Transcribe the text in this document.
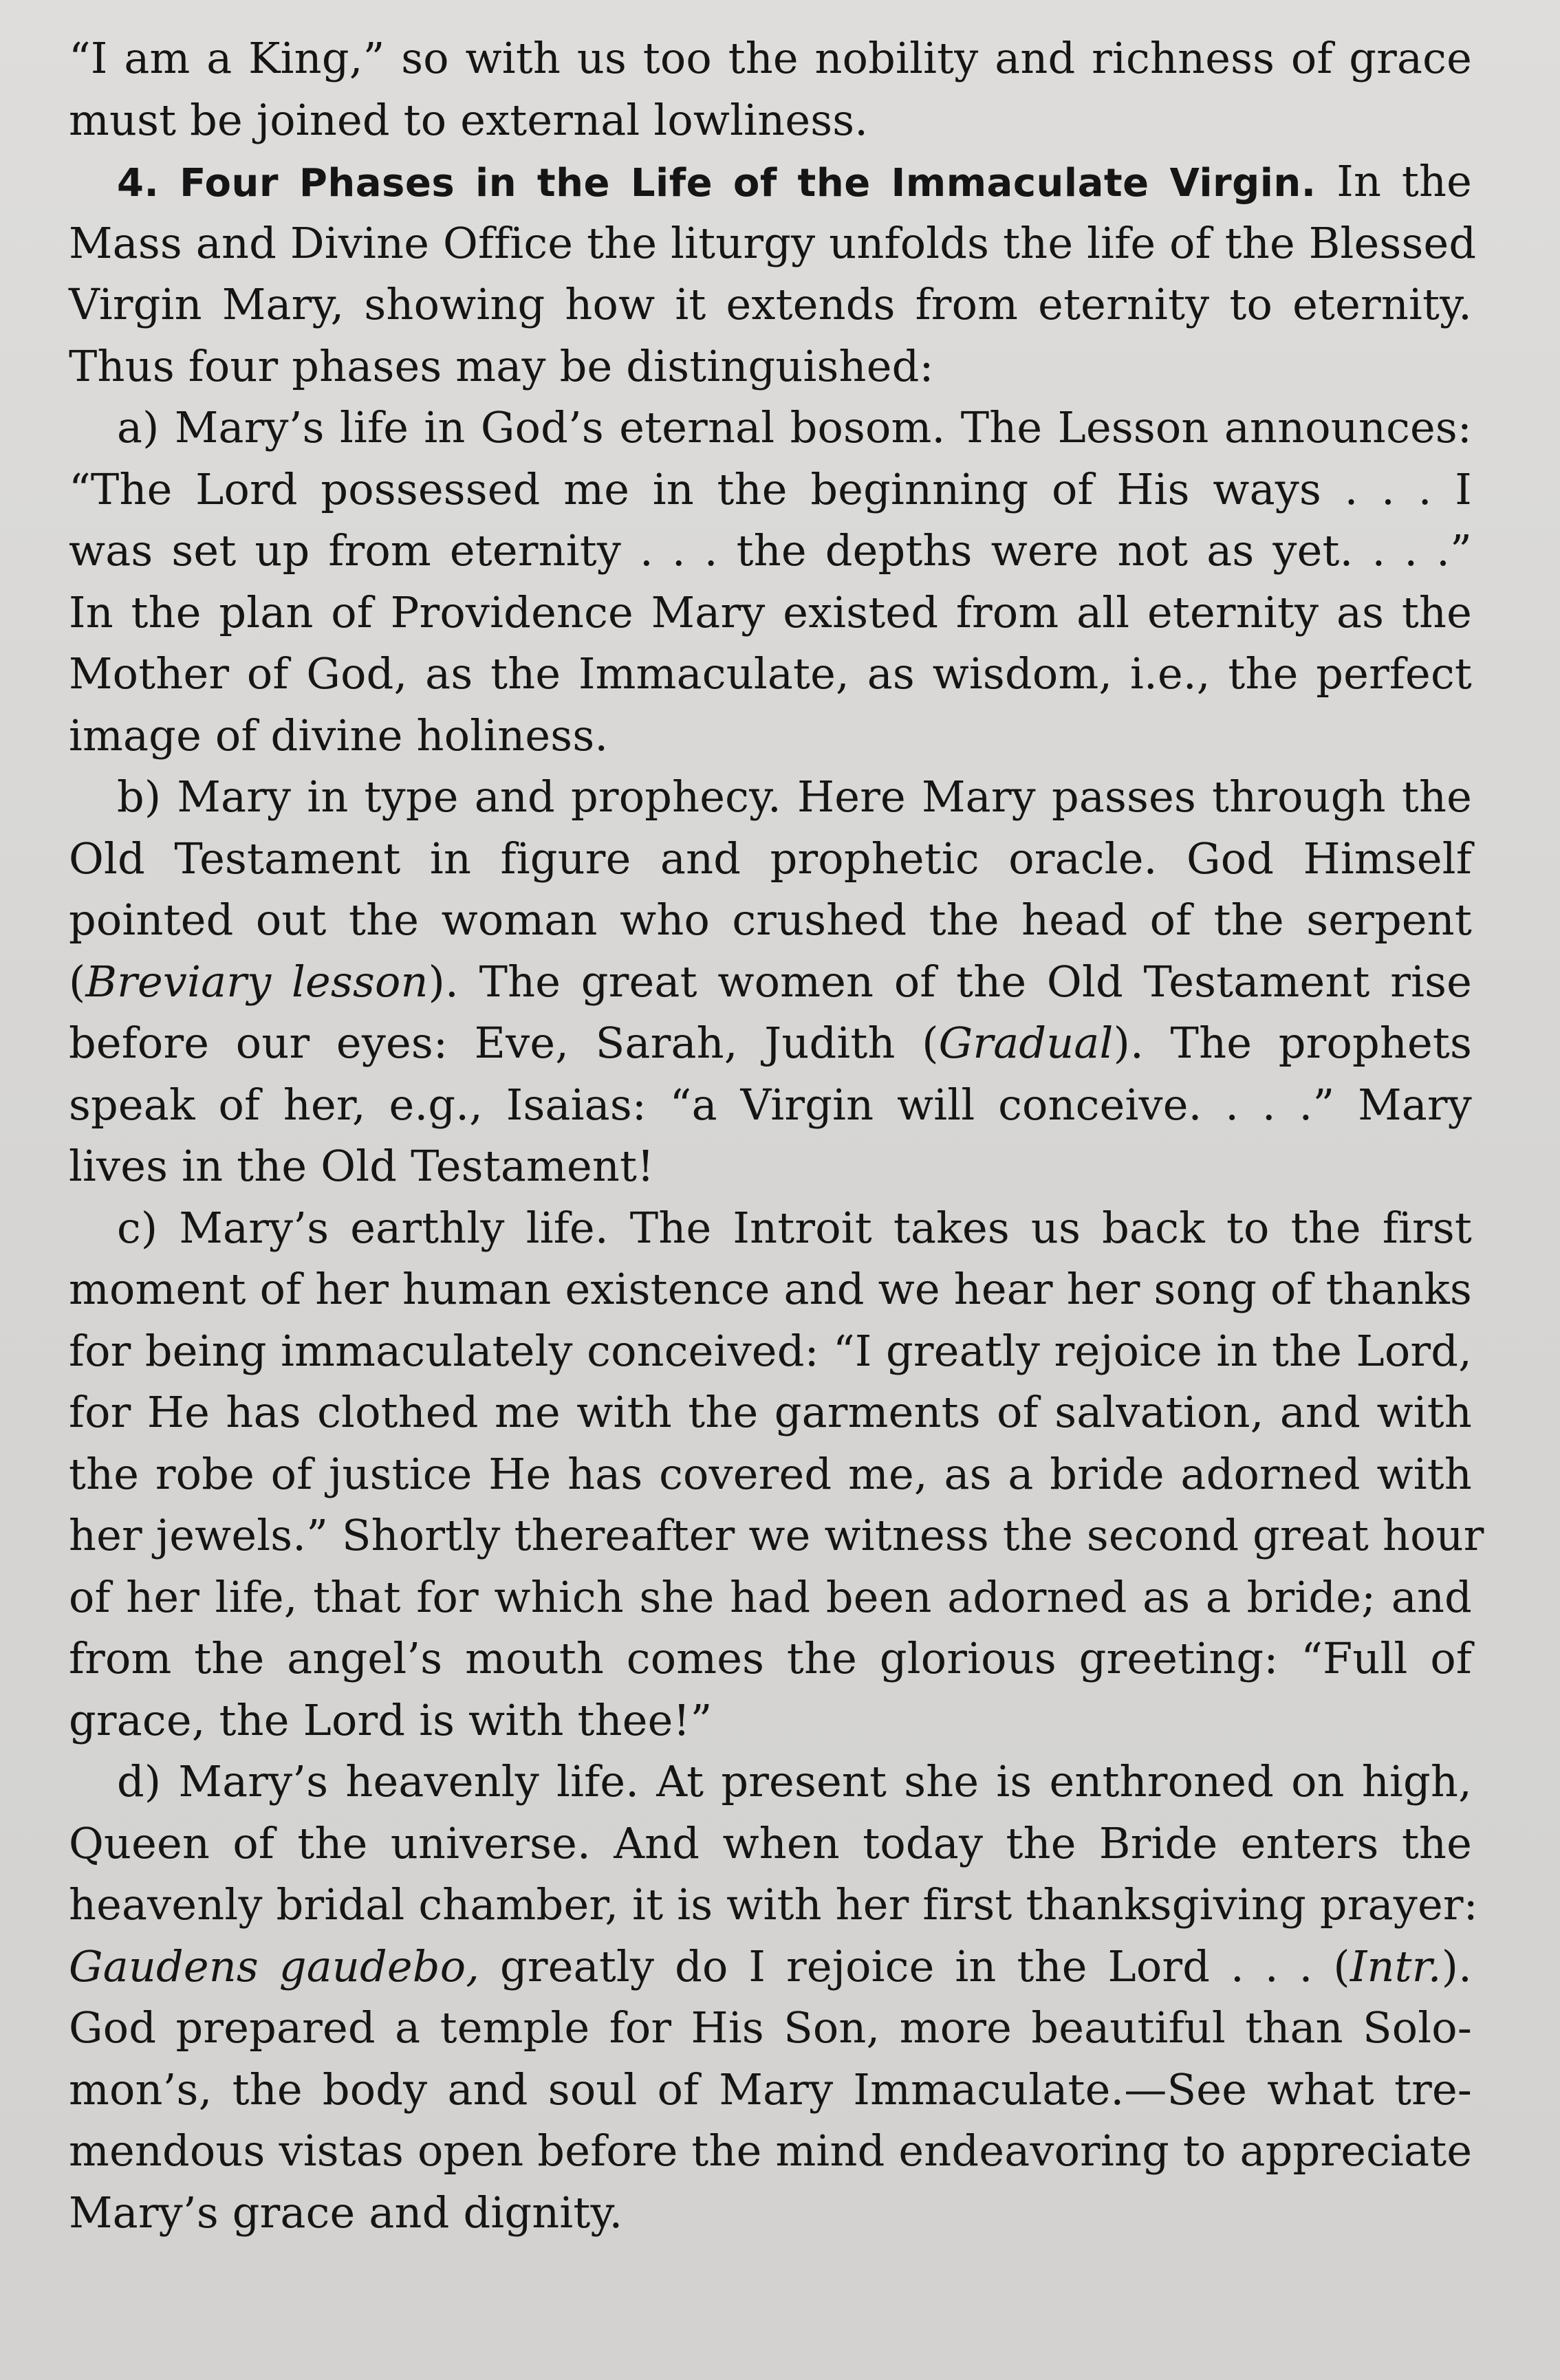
“I am a King,” so with us too the nobility and richness of grace
must be joined to external lowliness.
4. Four Phases in the Life of the Immaculate Virgin. In the
Mass and Divine Office the liturgy unfolds the life of the Blessed
Virgin Mary, showing how it extends from eternity to eternity.
Thus four phases may be distinguished:
a) Mary’s life in God’s eternal bosom. The Lesson announces:
“The Lord possessed me in the beginning of His ways . . . I
was set up from eternity . . . the depths were not as yet. . . .”
In the plan of Providence Mary existed from all eternity as the
Mother of God, as the Immaculate, as wisdom, i.e., the perfect
image of divine holiness.
b) Mary in type and prophecy. Here Mary passes through the
Old Testament in figure and prophetic oracle. God Himself
pointed out the woman who crushed the head of the serpent
(Breviary lesson). The great women of the Old Testament rise
before our eyes: Eve, Sarah, Judith (Gradual). The prophets
speak of her, e.g., Isaias: “a Virgin will conceive. . . .” Mary
lives in the Old Testament!
c) Mary’s earthly life. The Introit takes us back to the first
moment of her human existence and we hear her song of thanks
for being immaculately conceived: “I greatly rejoice in the Lord,
for He has clothed me with the garments of salvation, and with
the robe of justice He has covered me, as a bride adorned with
her jewels.” Shortly thereafter we witness the second great hour
of her life, that for which she had been adorned as a bride; and
from the angel’s mouth comes the glorious greeting: “Full of
grace, the Lord is with thee!”
d) Mary’s heavenly life. At present she is enthroned on high,
Queen of the universe. And when today the Bride enters the
heavenly bridal chamber, it is with her first thanksgiving prayer:
Gaudens gaudebo, greatly do I rejoice in the Lord . . . (Intr.).
God prepared a temple for His Son, more beautiful than Solo-
mon’s, the body and soul of Mary Immaculate.—See what tre-
mendous vistas open before the mind endeavoring to appreciate
Mary’s grace and dignity.
